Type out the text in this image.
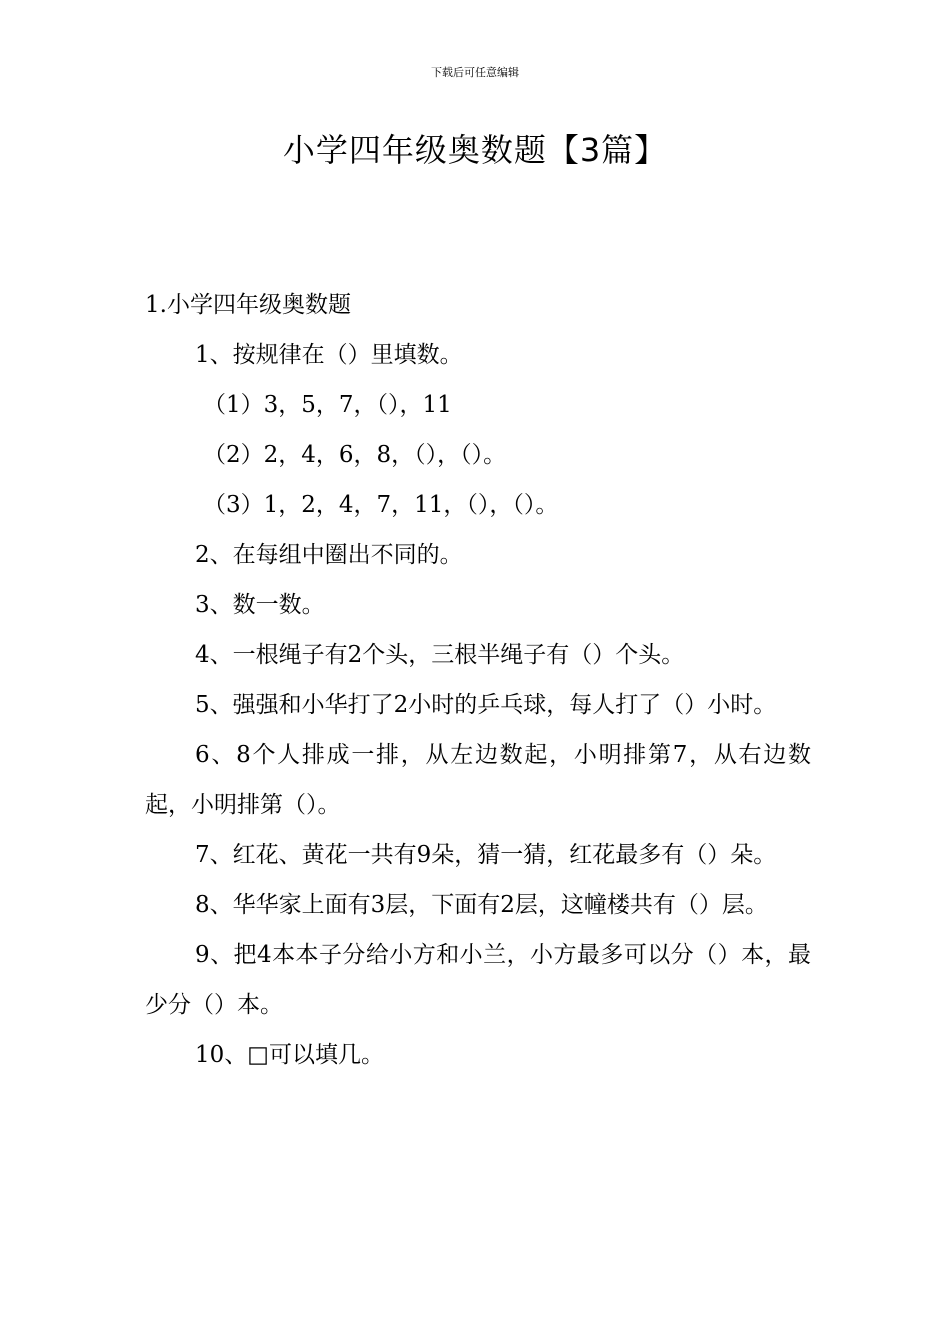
下载后可任意编辑
小学四年级奥数题【3篇】

1.小学四年级奥数题

1、按规律在（）里填数。

（1）3，5，7，（），11

（2）2，4，6，8，（），（）。

（3）1，2，4，7，11，（），（）。

2、在每组中圈出不同的。

3、数一数。

4、一根绳子有2个头，三根半绳子有（）个头。

5、强强和小华打了2小时的乒乓球，每人打了（）小时。

6、8个人排成一排，从左边数起，小明排第7，从右边数起，小明排第（）。

7、红花、黄花一共有9朵，猜一猜，红花最多有（）朵。

8、华华家上面有3层，下面有2层，这幢楼共有（）层。

9、把4本本子分给小方和小兰，小方最多可以分（）本，最少分（）本。

10、□可以填几。
